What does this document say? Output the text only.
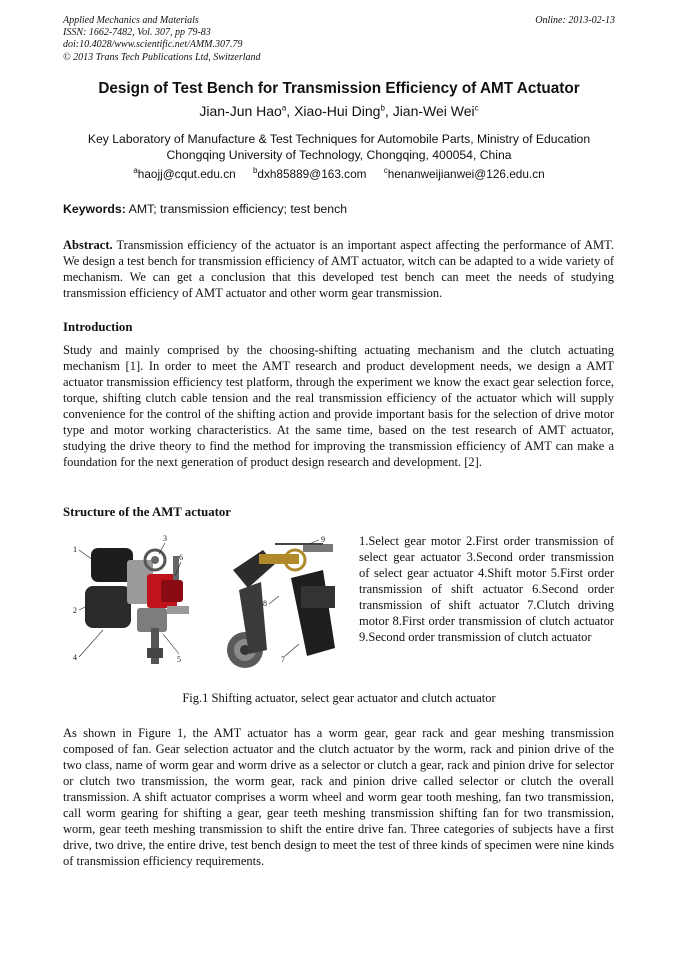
Applied Mechanics and Materials
ISSN: 1662-7482, Vol. 307, pp 79-83
doi:10.4028/www.scientific.net/AMM.307.79
© 2013 Trans Tech Publications Ltd, Switzerland
Online: 2013-02-13
Design of Test Bench for Transmission Efficiency of AMT Actuator
Jian-Jun Hao$^a$, Xiao-Hui Ding$^b$, Jian-Wei Wei$^c$
Key Laboratory of Manufacture & Test Techniques for Automobile Parts, Ministry of Education
Chongqing University of Technology, Chongqing, 400054, China
$^a$haojj@cqut.edu.cn $^b$dxh85889@163.com $^c$henanweijianwei@126.edu.cn
Keywords: AMT; transmission efficiency; test bench
Abstract. Transmission efficiency of the actuator is an important aspect affecting the performance of AMT. We design a test bench for transmission efficiency of AMT actuator, witch can be adapted to a wide variety of mechanism. We can get a conclusion that this developed test bench can meet the needs of studying transmission efficiency of AMT actuator and other worm gear transmission.
Introduction
Study and mainly comprised by the choosing-shifting actuating mechanism and the clutch actuating mechanism [1]. In order to meet the AMT research and product development needs, we design a AMT actuator transmission efficiency test platform, through the experiment we know the exact gear selection force, torque, shifting clutch cable tension and the real transmission efficiency of the actuator which will supply convenience for the control of the shifting action and provide important basis for the selection of drive motor type and motor working characteristics. At the same time, based on the test research of AMT actuator, studying the drive theory to find the method for improving the transmission efficiency of AMT can make a foundation for the next generation of product design research and development. [2].
Structure of the AMT actuator
1
2
3
4	5
6
7
8
9	1.Select gear motor 2.First order transmission of select gear actuator 3.Second order transmission of select gear actuator 4.Shift motor 5.First order transmission of shift actuator 6.Second order transmission of shift actuator 7.Clutch driving motor 8.First order transmission of clutch actuator 9.Second order transmission of clutch actuator
Fig.1 Shifting actuator, select gear actuator and clutch actuator
As shown in Figure 1, the AMT actuator has a worm gear, gear rack and gear meshing transmission composed of fan. Gear selection actuator and the clutch actuator by the worm, rack and pinion drive of the two class, name of worm gear and worm drive as a selector or clutch a gear, rack and pinion drive for selector or clutch two transmission, the worm gear, rack and pinion drive called selector or clutch the overall transmission. A shift actuator comprises a worm wheel and worm gear tooth meshing, fan two transmission, call worm gearing for shifting a gear, gear teeth meshing transmission shifting fan for two transmission, worm, gear teeth meshing transmission to shift the entire drive fan. Three categories of subjects have a first drive, two drive, the entire drive, test bench design to meet the test of three kinds of specimen were nine kinds of transmission efficiency requirements.
